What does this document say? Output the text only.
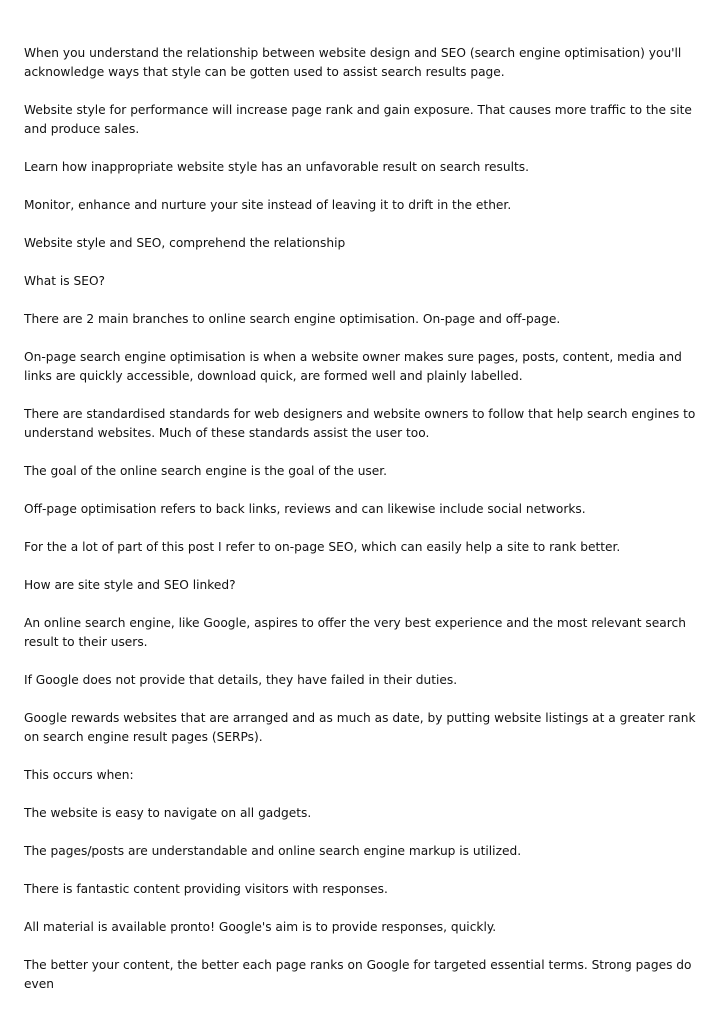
When you understand the relationship between website design and SEO (search engine optimisation) you'll acknowledge ways that style can be gotten used to assist search results page.

Website style for performance will increase page rank and gain exposure. That causes more traffic to the site and produce sales.

Learn how inappropriate website style has an unfavorable result on search results.

Monitor, enhance and nurture your site instead of leaving it to drift in the ether.

Website style and SEO, comprehend the relationship

What is SEO?

There are 2 main branches to online search engine optimisation. On-page and off-page.

On-page search engine optimisation is when a website owner makes sure pages, posts, content, media and links are quickly accessible, download quick, are formed well and plainly labelled.

There are standardised standards for web designers and website owners to follow that help search engines to understand websites. Much of these standards assist the user too.

The goal of the online search engine is the goal of the user.

Off-page optimisation refers to back links, reviews and can likewise include social networks.

For the a lot of part of this post I refer to on-page SEO, which can easily help a site to rank better.

How are site style and SEO linked?

An online search engine, like Google, aspires to offer the very best experience and the most relevant search result to their users.

If Google does not provide that details, they have failed in their duties.

Google rewards websites that are arranged and as much as date, by putting website listings at a greater rank on search engine result pages (SERPs).

This occurs when:

The website is easy to navigate on all gadgets.

The pages/posts are understandable and online search engine markup is utilized.

There is fantastic content providing visitors with responses.

All material is available pronto! Google's aim is to provide responses, quickly.

The better your content, the better each page ranks on Google for targeted essential terms. Strong pages do even
